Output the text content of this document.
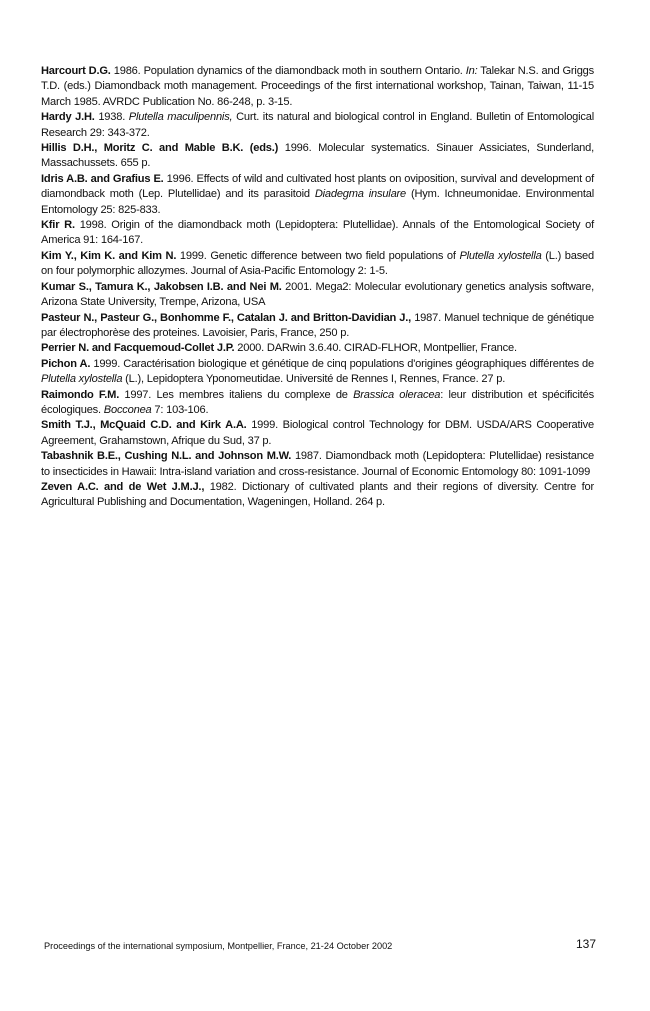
Harcourt D.G. 1986. Population dynamics of the diamondback moth in southern Ontario. In: Talekar N.S. and Griggs T.D. (eds.) Diamondback moth management. Proceedings of the first international workshop, Tainan, Taiwan, 11-15 March 1985. AVRDC Publication No. 86-248, p. 3-15.

Hardy J.H. 1938. Plutella maculipennis, Curt. its natural and biological control in England. Bulletin of Entomological Research 29: 343-372.

Hillis D.H., Moritz C. and Mable B.K. (eds.) 1996. Molecular systematics. Sinauer Assiciates, Sunderland, Massachussets. 655 p.

Idris A.B. and Grafius E. 1996. Effects of wild and cultivated host plants on oviposition, survival and development of diamondback moth (Lep. Plutellidae) and its parasitoid Diadegma insulare (Hym. Ichneumonidae. Environmental Entomology 25: 825-833.

Kfir R. 1998. Origin of the diamondback moth (Lepidoptera: Plutellidae). Annals of the Entomological Society of America 91: 164-167.

Kim Y., Kim K. and Kim N. 1999. Genetic difference between two field populations of Plutella xylostella (L.) based on four polymorphic allozymes. Journal of Asia-Pacific Entomology 2: 1-5.

Kumar S., Tamura K., Jakobsen I.B. and Nei M. 2001. Mega2: Molecular evolutionary genetics analysis software, Arizona State University, Trempe, Arizona, USA

Pasteur N., Pasteur G., Bonhomme F., Catalan J. and Britton-Davidian J., 1987. Manuel technique de génétique par électrophorèse des proteines. Lavoisier, Paris, France, 250 p.

Perrier N. and Facquemoud-Collet J.P. 2000. DARwin 3.6.40. CIRAD-FLHOR, Montpellier, France.

Pichon A. 1999. Caractérisation biologique et génétique de cinq populations d'origines géographiques différentes de Plutella xylostella (L.), Lepidoptera Yponomeutidae. Université de Rennes I, Rennes, France. 27 p.

Raimondo F.M. 1997. Les membres italiens du complexe de Brassica oleracea: leur distribution et spécificités écologiques. Bocconea 7: 103-106.

Smith T.J., McQuaid C.D. and Kirk A.A. 1999. Biological control Technology for DBM. USDA/ARS Cooperative Agreement, Grahamstown, Afrique du Sud, 37 p.

Tabashnik B.E., Cushing N.L. and Johnson M.W. 1987. Diamondback moth (Lepidoptera: Plutellidae) resistance to insecticides in Hawaii: Intra-island variation and cross-resistance. Journal of Economic Entomology 80: 1091-1099

Zeven A.C. and de Wet J.M.J., 1982. Dictionary of cultivated plants and their regions of diversity. Centre for Agricultural Publishing and Documentation, Wageningen, Holland. 264 p.

Proceedings of the international symposium, Montpellier, France, 21-24 October 2002	137
